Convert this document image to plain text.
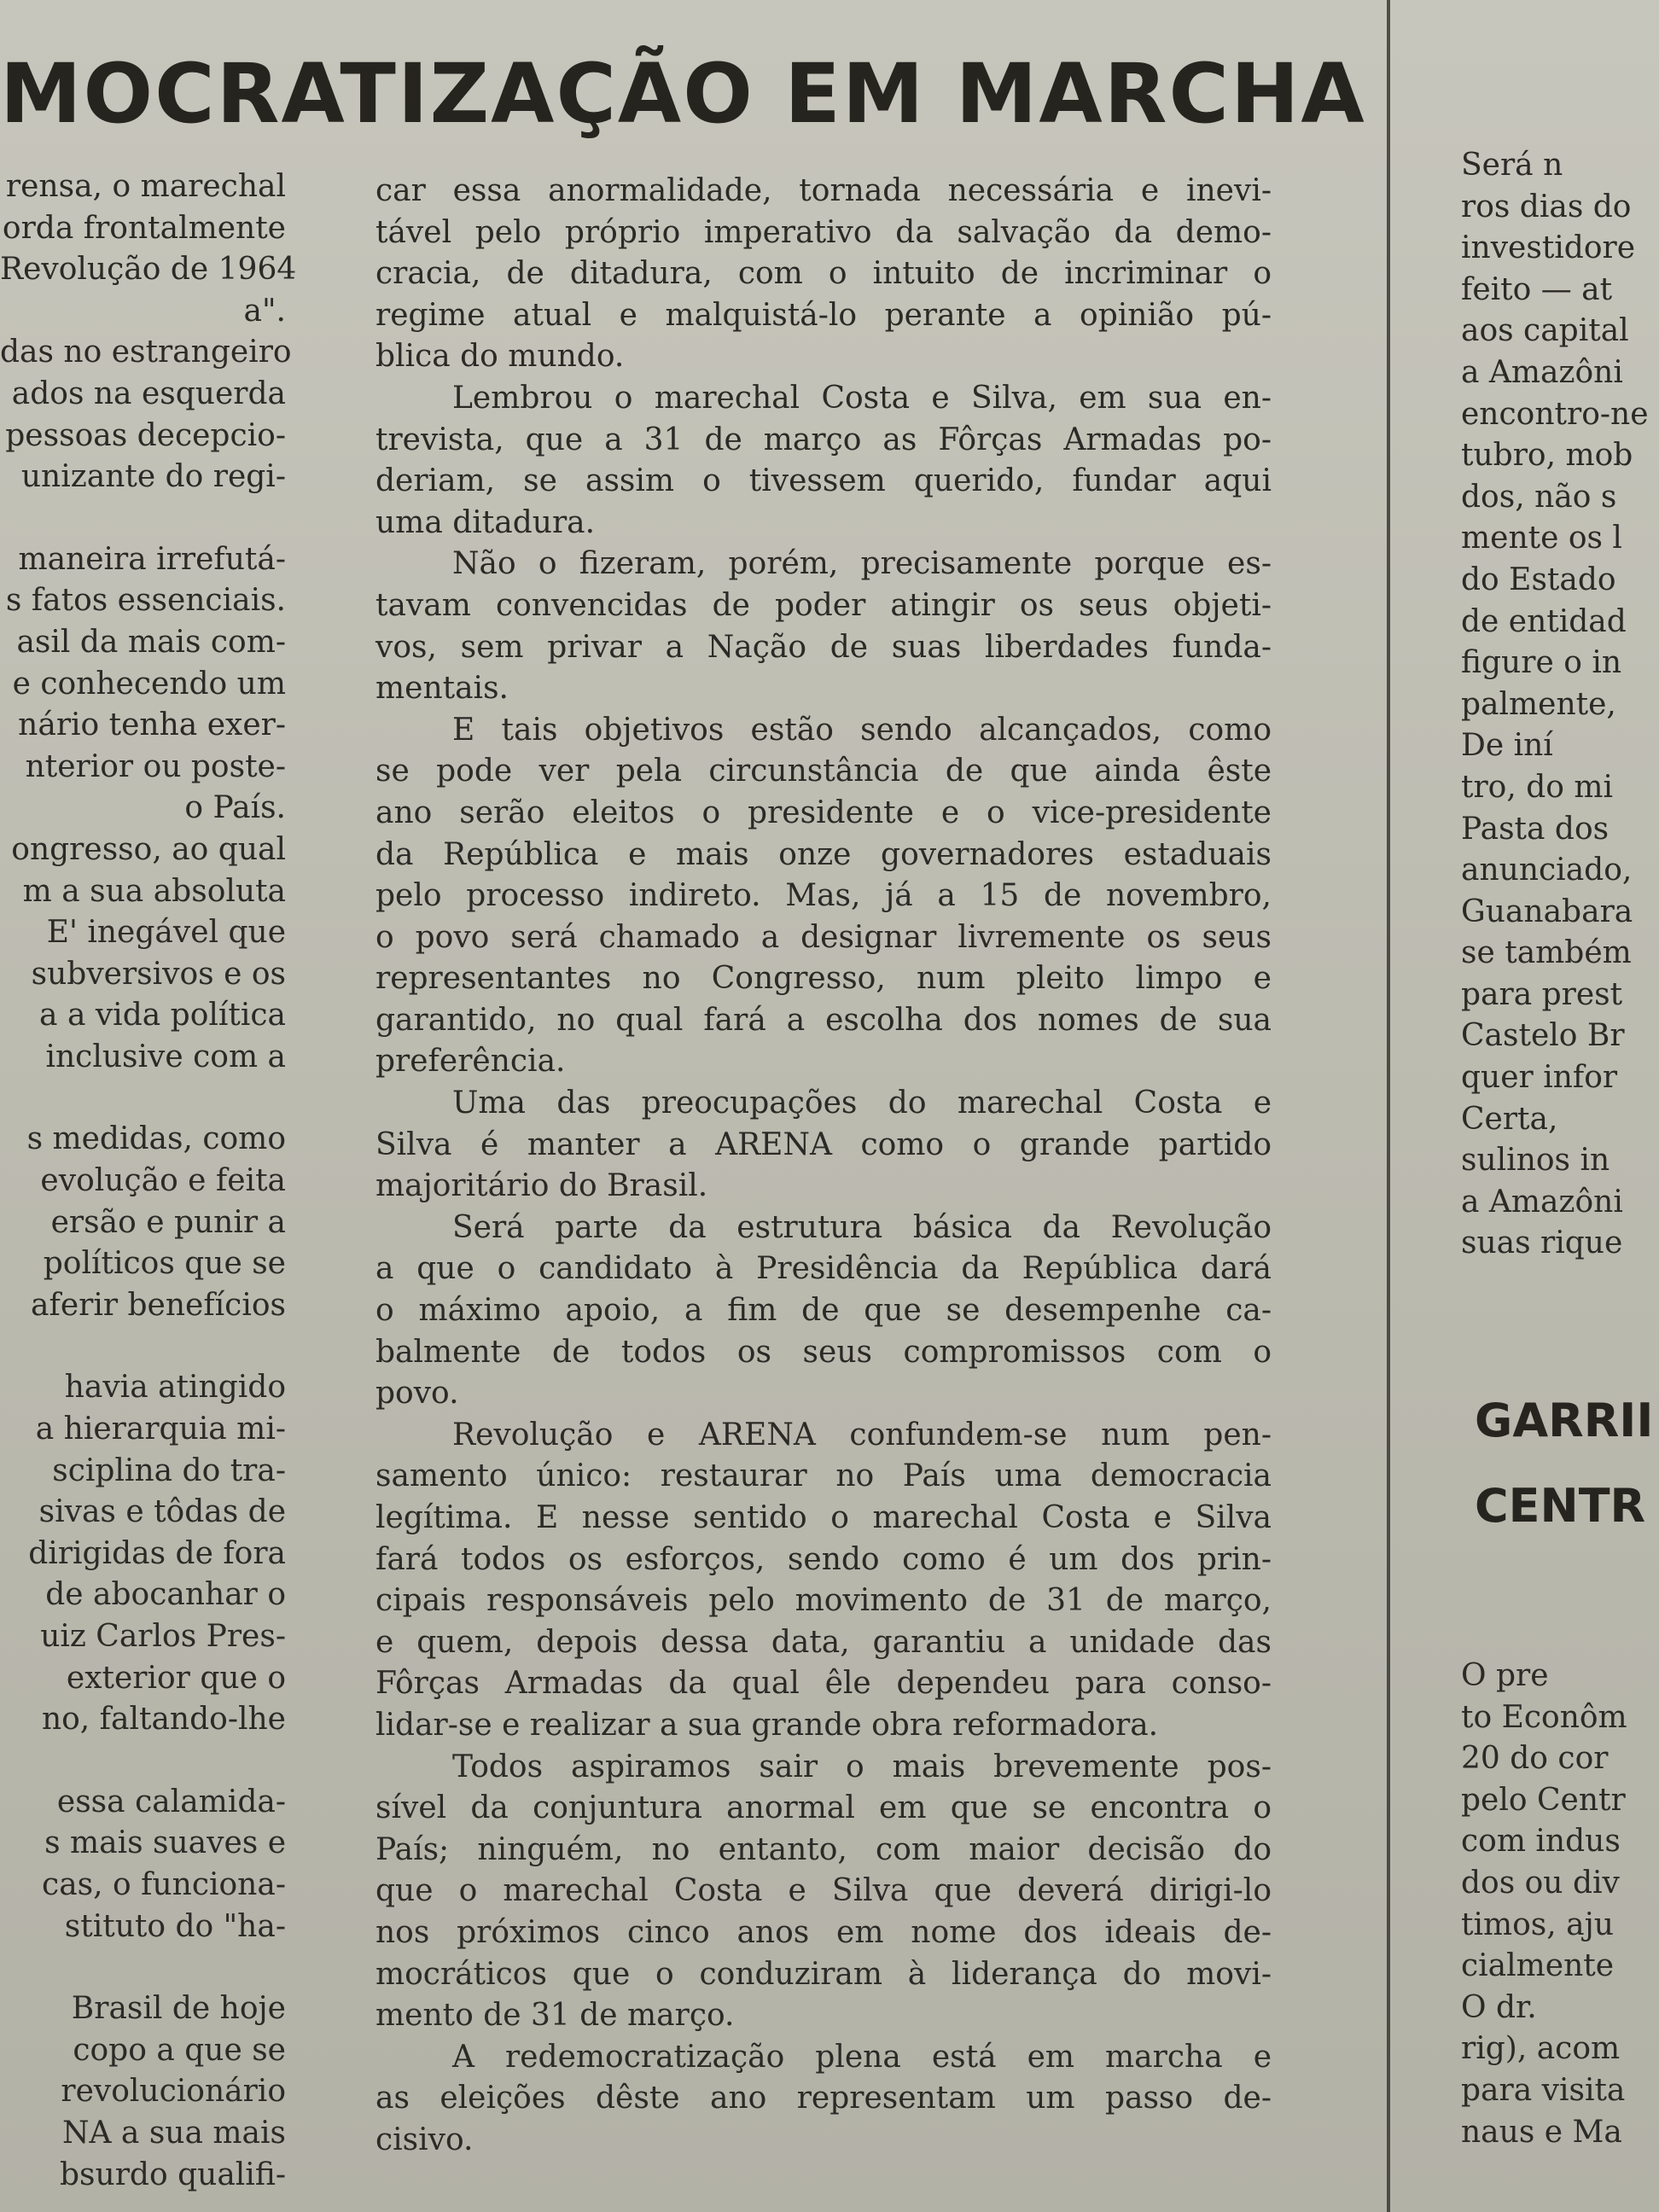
MOCRATIZAÇÃO EM MARCHA
rensa, o marechal
orda frontalmente
Revolução de 1964
a".
das no estrangeiro
ados na esquerda
pessoas decepcio-
unizante do regi-
maneira irrefutá-
s fatos essenciais.
asil da mais com-
e conhecendo um
nário tenha exer-
nterior ou poste-
o País.
ongresso, ao qual
m a sua absoluta
E' inegável que
subversivos e os
a a vida política
inclusive com a
s medidas, como
evolução e feita
ersão e punir a
políticos que se
aferir benefícios
havia atingido
a hierarquia mi-
sciplina do tra-
sivas e tôdas de
dirigidas de fora
de abocanhar o
uiz Carlos Pres-
exterior que o
no, faltando-lhe
essa calamida-
s mais suaves e
cas, o funciona-
stituto do "ha-
Brasil de hoje
copo a que se
revolucionário
NA a sua mais
bsurdo qualifi-
car essa anormalidade, tornada necessária e inevi-
tável pelo próprio imperativo da salvação da demo-
cracia, de ditadura, com o intuito de incriminar o
regime atual e malquistá-lo perante a opinião pú-
blica do mundo.
Lembrou o marechal Costa e Silva, em sua en-
trevista, que a 31 de março as Fôrças Armadas po-
deriam, se assim o tivessem querido, fundar aqui
uma ditadura.
Não o fizeram, porém, precisamente porque es-
tavam convencidas de poder atingir os seus objeti-
vos, sem privar a Nação de suas liberdades funda-
mentais.
E tais objetivos estão sendo alcançados, como
se pode ver pela circunstância de que ainda êste
ano serão eleitos o presidente e o vice-presidente
da República e mais onze governadores estaduais
pelo processo indireto. Mas, já a 15 de novembro,
o povo será chamado a designar livremente os seus
representantes no Congresso, num pleito limpo e
garantido, no qual fará a escolha dos nomes de sua
preferência.
Uma das preocupações do marechal Costa e
Silva é manter a ARENA como o grande partido
majoritário do Brasil.
Será parte da estrutura básica da Revolução
a que o candidato à Presidência da República dará
o máximo apoio, a fim de que se desempenhe ca-
balmente de todos os seus compromissos com o
povo.
Revolução e ARENA confundem-se num pen-
samento único: restaurar no País uma democracia
legítima. E nesse sentido o marechal Costa e Silva
fará todos os esforços, sendo como é um dos prin-
cipais responsáveis pelo movimento de 31 de março,
e quem, depois dessa data, garantiu a unidade das
Fôrças Armadas da qual êle dependeu para conso-
lidar-se e realizar a sua grande obra reformadora.
Todos aspiramos sair o mais brevemente pos-
sível da conjuntura anormal em que se encontra o
País; ninguém, no entanto, com maior decisão do
que o marechal Costa e Silva que deverá dirigi-lo
nos próximos cinco anos em nome dos ideais de-
mocráticos que o conduziram à liderança do movi-
mento de 31 de março.
A redemocratização plena está em marcha e
as eleições dêste ano representam um passo de-
cisivo.
Será n
ros dias do
investidore
feito — at
aos capital
a Amazôni
encontro-ne
tubro, mob
dos, não s
mente os l
do Estado
de entidad
figure o in
palmente,
De iní
tro, do mi
Pasta dos
anunciado,
Guanabara
se também
para prest
Castelo Br
quer infor
Certa,
sulinos in
a Amazôni
suas rique
GARRII
CENTR
O pre
to Econôm
20 do cor
pelo Centr
com indus
dos ou div
timos, aju
cialmente
O dr.
rig), acom
para visita
naus e Ma
